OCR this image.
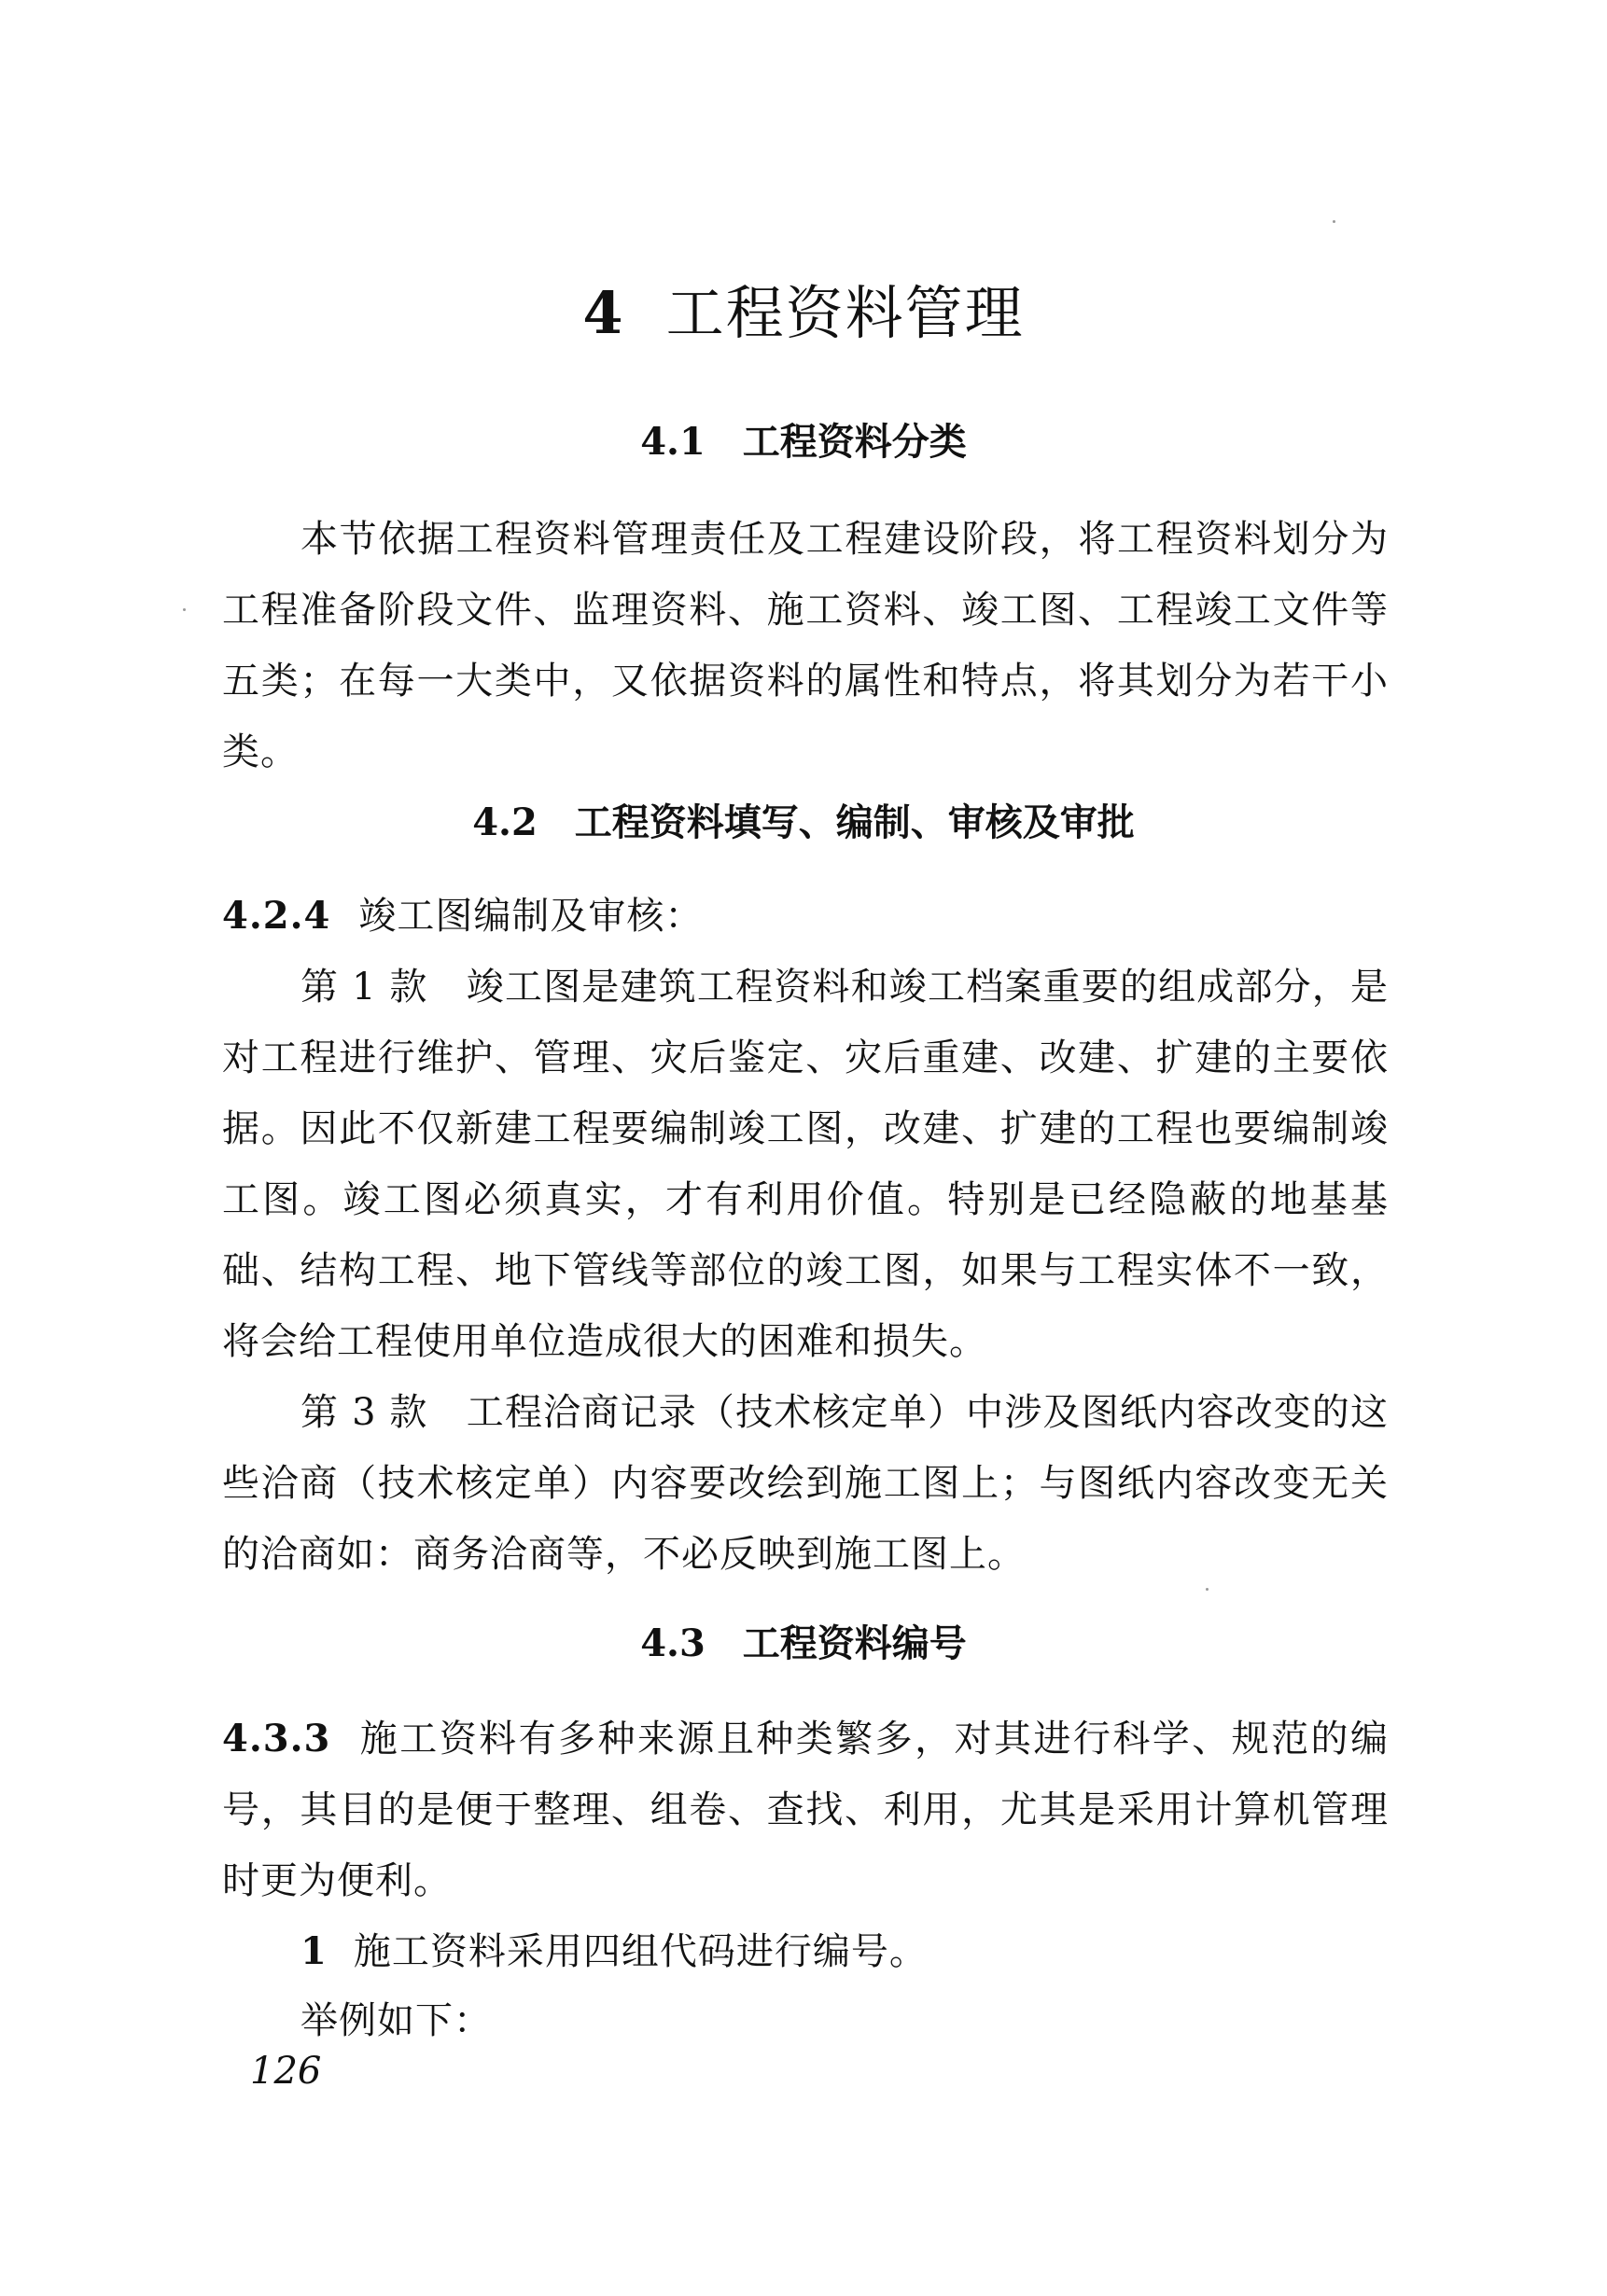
4 工程资料管理
4.1 工程资料分类
本节依据工程资料管理责任及工程建设阶段，将工程资料划分为工程准备阶段文件、监理资料、施工资料、竣工图、工程竣工文件等五类；在每一大类中，又依据资料的属性和特点，将其划分为若干小类。
4.2 工程资料填写、编制、审核及审批
4.2.4 竣工图编制及审核：
第 1 款　竣工图是建筑工程资料和竣工档案重要的组成部分，是对工程进行维护、管理、灾后鉴定、灾后重建、改建、扩建的主要依据。因此不仅新建工程要编制竣工图，改建、扩建的工程也要编制竣工图。竣工图必须真实，才有利用价值。特别是已经隐蔽的地基基础、结构工程、地下管线等部位的竣工图，如果与工程实体不一致，将会给工程使用单位造成很大的困难和损失。
第 3 款　工程洽商记录（技术核定单）中涉及图纸内容改变的这些洽商（技术核定单）内容要改绘到施工图上；与图纸内容改变无关的洽商如：商务洽商等，不必反映到施工图上。
4.3 工程资料编号
4.3.3 施工资料有多种来源且种类繁多，对其进行科学、规范的编号，其目的是便于整理、组卷、查找、利用，尤其是采用计算机管理时更为便利。
1 施工资料采用四组代码进行编号。
举例如下：
126
